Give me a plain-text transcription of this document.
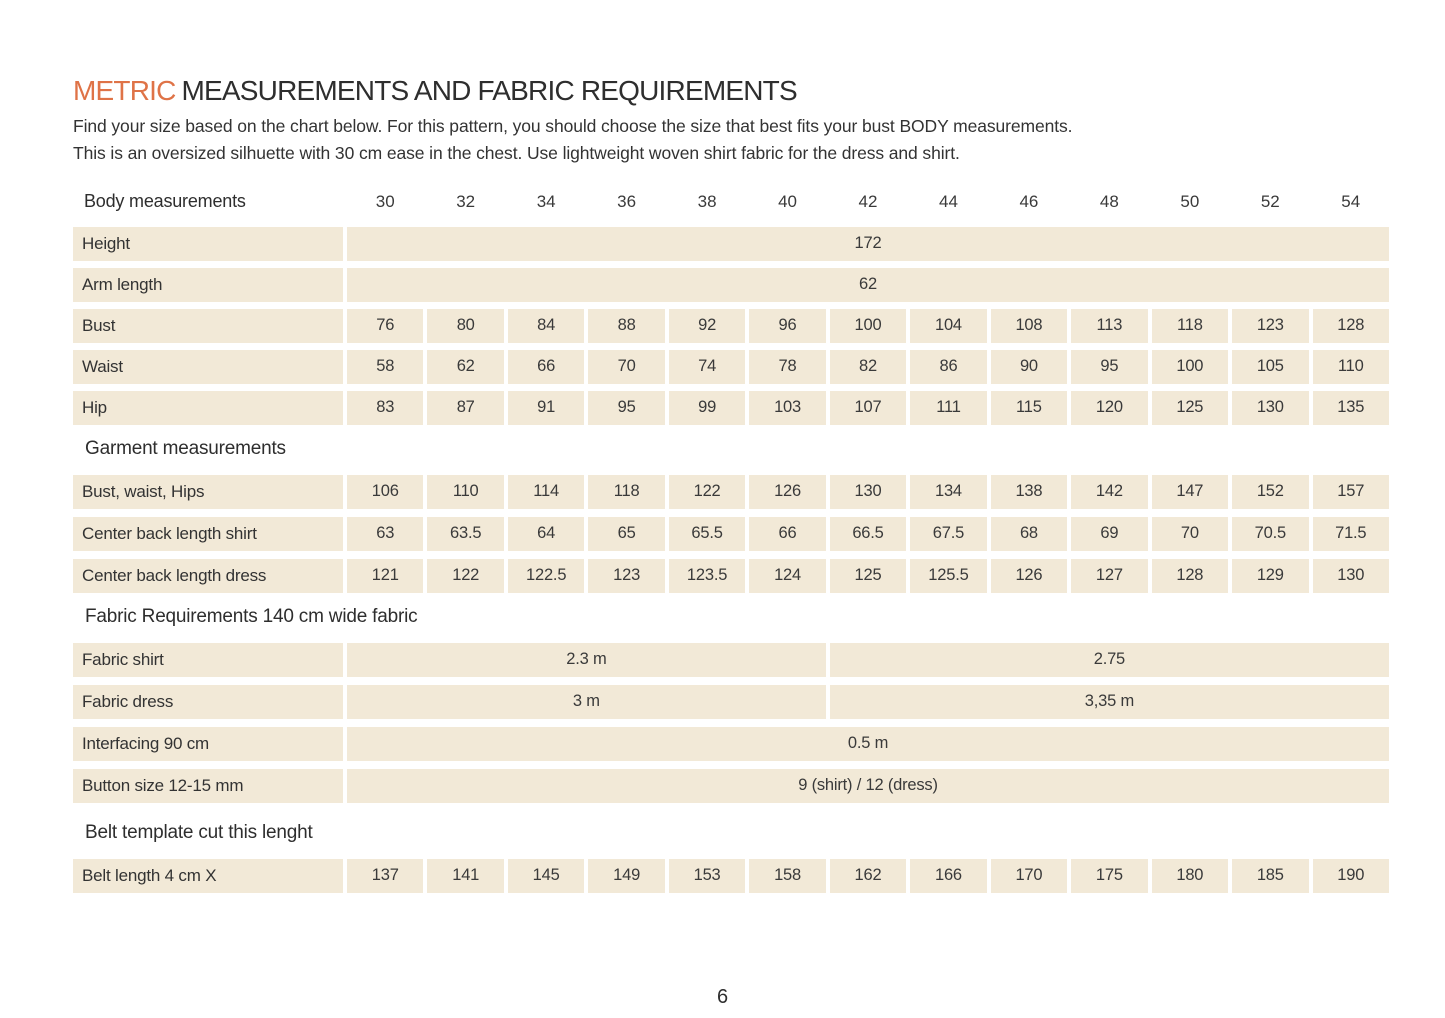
METRIC MEASUREMENTS AND FABRIC REQUIREMENTS

Find your size based on the chart below. For this pattern, you should choose the size that best fits your bust BODY measurements.

This is an oversized silhuette with 30 cm ease in the chest. Use lightweight woven shirt fabric for the dress and shirt.

Body measurements	30	32	34	36	38	40	42	44	46	48	50	52	54
Height	172
Arm length	62
Bust	76	80	84	88	92	96	100	104	108	113	118	123	128
Waist	58	62	66	70	74	78	82	86	90	95	100	105	110
Hip	83	87	91	95	99	103	107	111	115	120	125	130	135
Garment measurements
Bust, waist, Hips	106	110	114	118	122	126	130	134	138	142	147	152	157
Center back length shirt	63	63.5	64	65	65.5	66	66.5	67.5	68	69	70	70.5	71.5
Center back length dress	121	122	122.5	123	123.5	124	125	125.5	126	127	128	129	130
Fabric Requirements 140 cm wide fabric
Fabric shirt	2.3 m	2.75
Fabric dress	3 m	3,35 m
Interfacing 90 cm	0.5 m
Button size 12-15 mm	9 (shirt) / 12 (dress)
Belt template cut this lenght
Belt length 4 cm X	137	141	145	149	153	158	162	166	170	175	180	185	190
6
